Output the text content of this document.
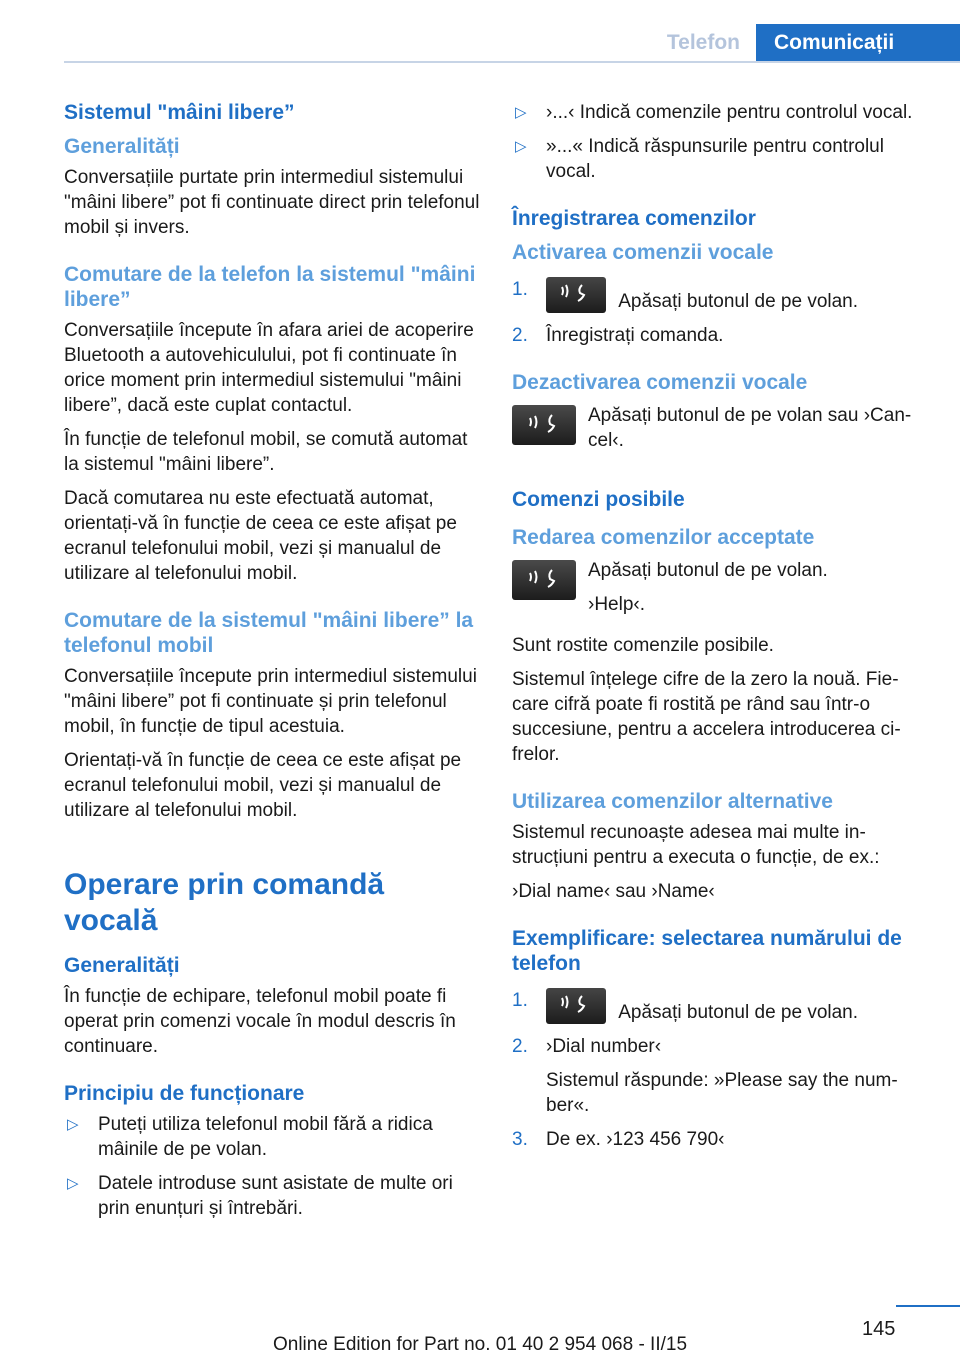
Telefon	Comunicații
Sistemul "mâini libere”
Generalități

Conversațiile purtate prin intermediul sistemului "mâini libere” pot fi continuate direct prin telefonul mobil și invers.

Comutare de la telefon la sistemul "mâini libere”

Conversațiile începute în afara ariei de acoperire Bluetooth a autovehiculului, pot fi continuate în orice moment prin intermediul sistemului "mâini libere”, dacă este cuplat contactul.

În funcție de telefonul mobil, se comută automat la sistemul "mâini libere”.

Dacă comutarea nu este efectuată automat, orientați-vă în funcție de ceea ce este afișat pe ecranul telefonului mobil, vezi și manualul de utilizare al telefonului mobil.

Comutare de la sistemul "mâini libere” la telefonul mobil

Conversațiile începute prin intermediul sistemului "mâini libere” pot fi continuate și prin telefonul mobil, în funcție de tipul acestuia.

Orientați-vă în funcție de ceea ce este afișat pe ecranul telefonului mobil, vezi și manualul de utilizare al telefonului mobil.

Operare prin comandă vocală
Generalități

În funcție de echipare, telefonul mobil poate fi operat prin comenzi vocale în modul descris în continuare.

Principiu de funcționare
▷ Puteți utiliza telefonul mobil fără a ridica mâinile de pe volan.
▷ Datele introduse sunt asistate de multe ori prin enunțuri și întrebări.
▷ ›...‹ Indică comenzile pentru controlul vocal.
▷ »...« Indică răspunsurile pentru controlul vocal.
Înregistrarea comenzilor
Activarea comenzii vocale
1.
Apăsați butonul de pe volan.
2. Înregistrați comanda.
Dezactivarea comenzii vocale

Apăsați butonul de pe volan sau ›Cancel‹.

Comenzi posibile
Redarea comenzilor acceptate

Apăsați butonul de pe volan.

›Help‹.

Sunt rostite comenzile posibile.

Sistemul înțelege cifre de la zero la nouă. Fiecare cifră poate fi rostită pe rând sau într-o succesiune, pentru a accelera introducerea cifrelor.

Utilizarea comenzilor alternative

Sistemul recunoaște adesea mai multe instrucțiuni pentru a executa o funcție, de ex.:

›Dial name‹ sau ›Name‹

Exemplificare: selectarea numărului de telefon
1.
Apăsați butonul de pe volan.
2. ›Dial number‹

Sistemul răspunde: »Please say the number«.

3. De ex. ›123 456 790‹
145
Online Edition for Part no. 01 40 2 954 068 - II/15
